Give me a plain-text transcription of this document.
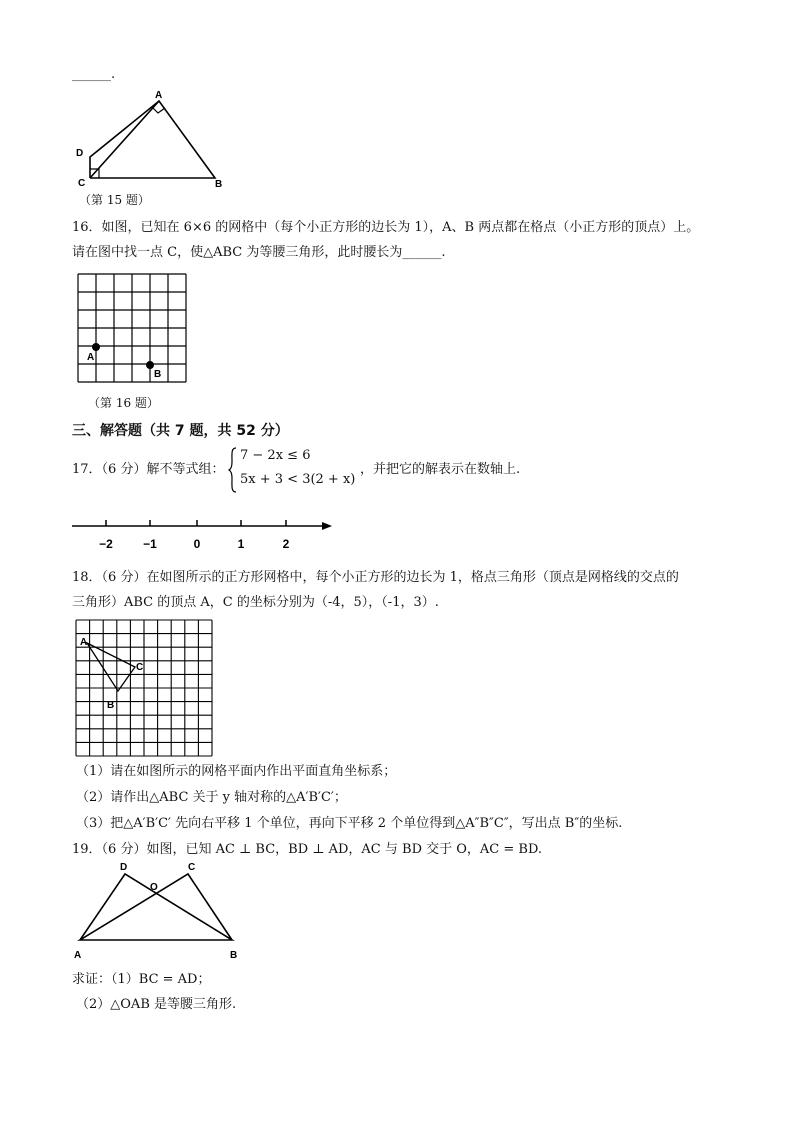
______.
A
B
C
D
（第 15 题）
16．如图，已知在 6×6 的网格中（每个小正方形的边长为 1），A、B 两点都在格点（小正方形的顶点）上。
请在图中找一点 C，使△ABC 为等腰三角形，此时腰长为______.
A
B
（第 16 题）
三、解答题（共 7 题，共 52 分）
17．（6 分）解不等式组：
7 − 2x ≤ 6
5x + 3 < 3(2 + x)
，并把它的解表示在数轴上.
−2	−1	0	1	2
18．（6 分）在如图所示的正方形网格中，每个小正方形的边长为 1，格点三角形（顶点是网格线的交点的
三角形）ABC 的顶点 A，C 的坐标分别为（-4，5），（-1，3）.
A
C
B
（1）请在如图所示的网格平面内作出平面直角坐标系；
（2）请作出△ABC 关于 y 轴对称的△A′B′C′；
（3）把△A′B′C′ 先向右平移 1 个单位，再向下平移 2 个单位得到△A″B″C″，写出点 B″的坐标.
19．（6 分）如图，已知 AC ⊥ BC，BD ⊥ AD，AC 与 BD 交于 O，AC = BD.
D	C
O
A	B
求证：（1）BC = AD；
（2）△OAB 是等腰三角形.
